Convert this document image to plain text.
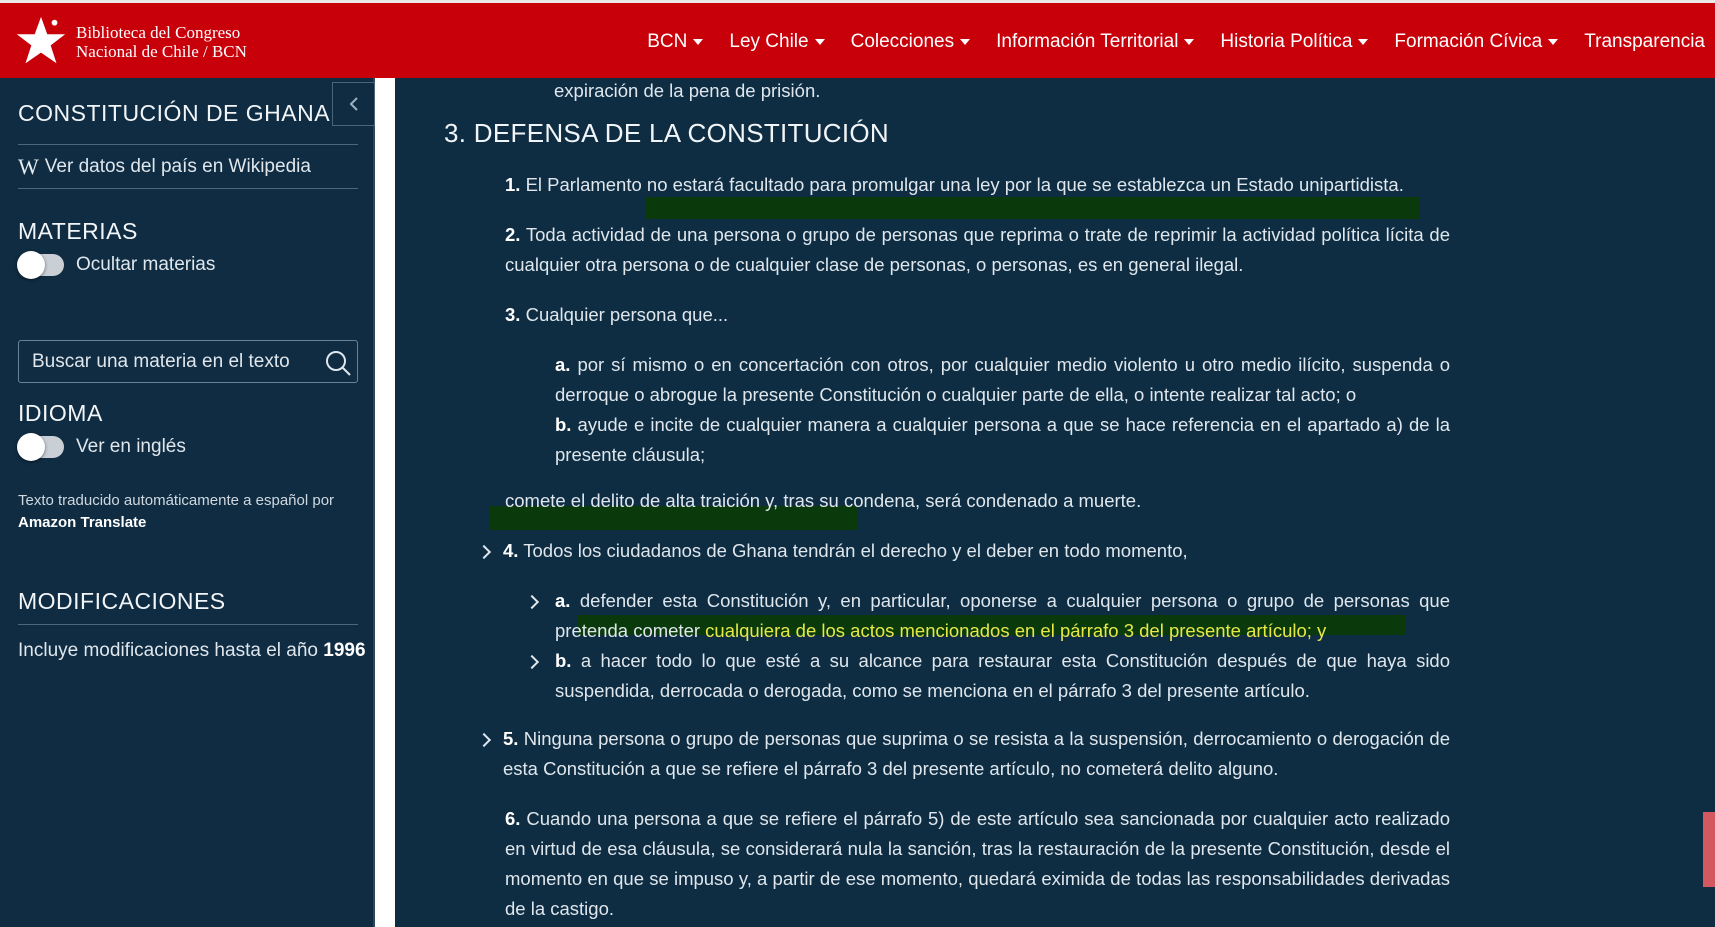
Biblioteca del Congreso
Nacional de Chile / BCN	BCN Ley Chile Colecciones Información Territorial Historia Política Formación Cívica Transparencia
CONSTITUCIÓN DE GHANA
W Ver datos del país en Wikipedia
MATERIAS
Ocultar materias
Buscar una materia en el texto
IDIOMA
Ver en inglés
Texto traducido automáticamente a español por
Amazon Translate
MODIFICACIONES
Incluye modificaciones hasta el año 1996
expiración de la pena de prisión.
3. DEFENSA DE LA CONSTITUCIÓN
1. El Parlamento no estará facultado para promulgar una ley por la que se establezca un Estado unipartidista.
2. Toda actividad de una persona o grupo de personas que reprima o trate de reprimir la actividad política lícita de cualquier otra persona o de cualquier clase de personas, o personas, es en general ilegal.
3. Cualquier persona que...
a. por sí mismo o en concertación con otros, por cualquier medio violento u otro medio ilícito, suspenda o derroque o abrogue la presente Constitución o cualquier parte de ella, o intente realizar tal acto; o
b. ayude e incite de cualquier manera a cualquier persona a que se hace referencia en el apartado a) de la presente cláusula;
comete el delito de alta traición y, tras su condena, será condenado a muerte.
4. Todos los ciudadanos de Ghana tendrán el derecho y el deber en todo momento,
a. defender esta Constitución y, en particular, oponerse a cualquier persona o grupo de personas que pretenda cometer cualquiera de los actos mencionados en el párrafo 3 del presente artículo; y
b. a hacer todo lo que esté a su alcance para restaurar esta Constitución después de que haya sido suspendida, derrocada o derogada, como se menciona en el párrafo 3 del presente artículo.
5. Ninguna persona o grupo de personas que suprima o se resista a la suspensión, derrocamiento o derogación de esta Constitución a que se refiere el párrafo 3 del presente artículo, no cometerá delito alguno.
6. Cuando una persona a que se refiere el párrafo 5) de este artículo sea sancionada por cualquier acto realizado en virtud de esa cláusula, se considerará nula la sanción, tras la restauración de la presente Constitución, desde el momento en que se impuso y, a partir de ese momento, quedará eximida de todas las responsabilidades derivadas de la castigo.
